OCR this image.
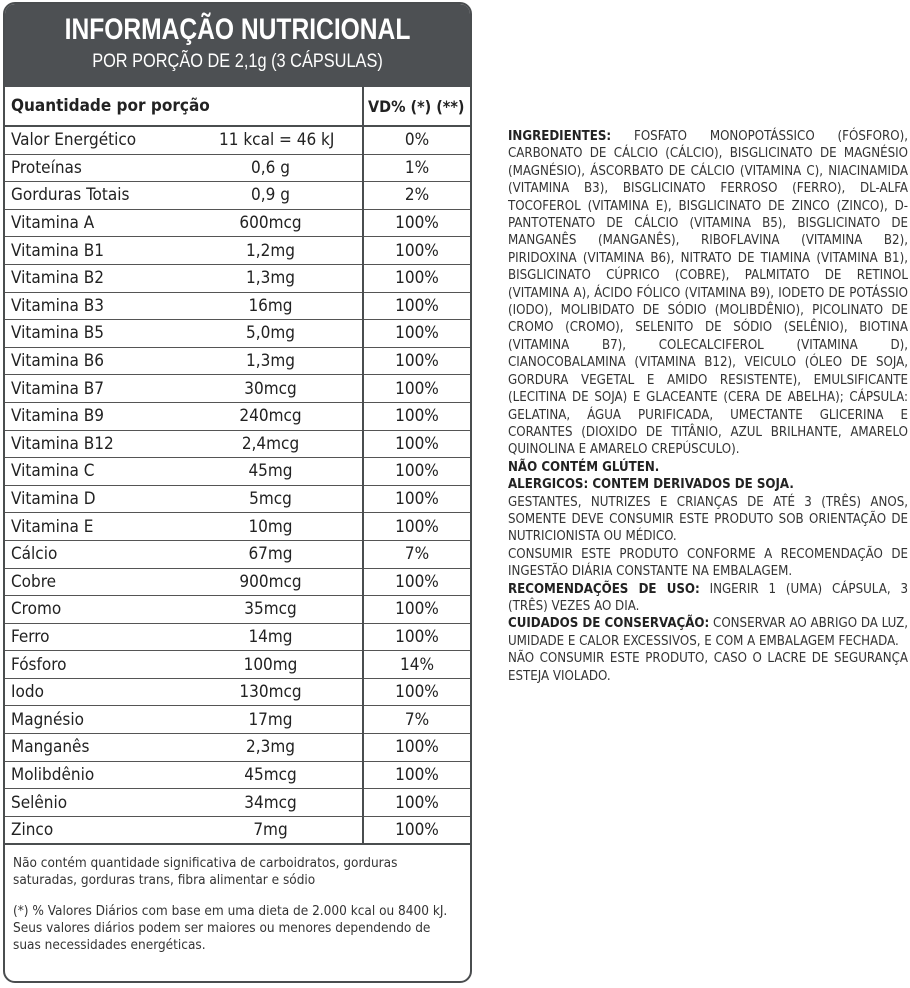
INFORMAÇÃO NUTRICIONAL
POR PORÇÃO DE 2,1g (3 CÁPSULAS)
Quantidade por porção	VD% (*) (**)

Valor Energético 11 kcal = 46 kJ	0%

Proteínas 0,6 g	1%

Gorduras Totais 0,9 g	2%

Vitamina A 600mcg	100%

Vitamina B1 1,2mg	100%

Vitamina B2 1,3mg	100%

Vitamina B3 16mg	100%

Vitamina B5 5,0mg	100%

Vitamina B6 1,3mg	100%

Vitamina B7 30mcg	100%

Vitamina B9 240mcg	100%

Vitamina B12 2,4mcg	100%

Vitamina C 45mg	100%

Vitamina D 5mcg	100%

Vitamina E 10mg	100%

Cálcio 67mg	7%

Cobre 900mcg	100%

Cromo 35mcg	100%

Ferro 14mg	100%

Fósforo 100mg	14%

Iodo 130mcg	100%

Magnésio 17mg	7%

Manganês 2,3mg	100%

Molibdênio 45mcg	100%

Selênio 34mcg	100%

Zinco 7mg	100%
Não contém quantidade significativa de carboidratos, gorduras saturadas, gorduras trans, fibra alimentar e sódio
(*) % Valores Diários com base em uma dieta de 2.000 kcal ou 8400 kJ. Seus valores diários podem ser maiores ou menores dependendo de suas necessidades energéticas.

INGREDIENTES: FOSFATO MONOPOTÁSSICO (FÓSFORO), CARBONATO DE CÁLCIO (CÁLCIO), BISGLICINATO DE MAGNÉSIO (MAGNÉSIO), ÁSCORBATO DE CÁLCIO (VITAMINA C), NIACINAMIDA (VITAMINA B3), BISGLICINATO FERROSO (FERRO), DL-ALFA TOCOFEROL (VITAMINA E), BISGLICINATO DE ZINCO (ZINCO), D-PANTOTENATO DE CÁLCIO (VITAMINA B5), BISGLICINATO DE MANGANÊS (MANGANÊS), RIBOFLAVINA (VITAMINA B2), PIRIDOXINA (VITAMINA B6), NITRATO DE TIAMINA (VITAMINA B1), BISGLICINATO CÚPRICO (COBRE), PALMITATO DE RETINOL (VITAMINA A), ÁCIDO FÓLICO (VITAMINA B9), IODETO DE POTÁSSIO (IODO), MOLIBIDATO DE SÓDIO (MOLIBDÊNIO), PICOLINATO DE CROMO (CROMO), SELENITO DE SÓDIO (SELÊNIO), BIOTINA (VITAMINA B7), COLECALCIFEROL (VITAMINA D), CIANOCOBALAMINA (VITAMINA B12), VEICULO (ÓLEO DE SOJA, GORDURA VEGETAL E AMIDO RESISTENTE), EMULSIFICANTE (LECITINA DE SOJA) E GLACEANTE (CERA DE ABELHA); CÁPSULA: GELATINA, ÁGUA PURIFICADA, UMECTANTE GLICERINA E CORANTES (DIOXIDO DE TITÂNIO, AZUL BRILHANTE, AMARELO QUINOLINA E AMARELO CREPÚSCULO).

NÃO CONTÉM GLÚTEN.

ALERGICOS: CONTEM DERIVADOS DE SOJA.

GESTANTES, NUTRIZES E CRIANÇAS DE ATÉ 3 (TRÊS) ANOS, SOMENTE DEVE CONSUMIR ESTE PRODUTO SOB ORIENTAÇÃO DE NUTRICIONISTA OU MÉDICO.

CONSUMIR ESTE PRODUTO CONFORME A RECOMENDAÇÃO DE INGESTÃO DIÁRIA CONSTANTE NA EMBALAGEM.

RECOMENDAÇÕES DE USO: INGERIR 1 (UMA) CÁPSULA, 3 (TRÊS) VEZES AO DIA.

CUIDADOS DE CONSERVAÇÃO: CONSERVAR AO ABRIGO DA LUZ, UMIDADE E CALOR EXCESSIVOS, E COM A EMBALAGEM FECHADA.

NÃO CONSUMIR ESTE PRODUTO, CASO O LACRE DE SEGURANÇA ESTEJA VIOLADO.
